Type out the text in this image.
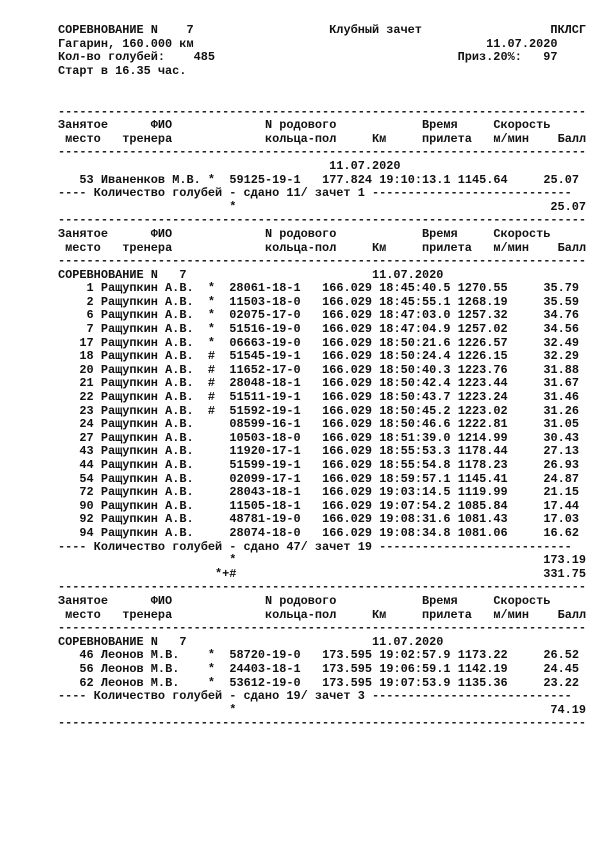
СОРЕВНОВАНИЕ N 7	Клубный зачет	ПКЛСГ
Гагарин, 160.000 км	11.07.2020
Кол-во голубей: 485	Приз.20%: 97
Старт в 16.35 час.
--------------------------------------------------------------------------
Занятое	ФИО	N родового	Время	Скорость
место тренера	кольца-пол	Км	прилета м/мин Балл
--------------------------------------------------------------------------
11.07.2020
53 Иваненков М.В. * 59125-19-1 177.824 19:10:13.1 1145.64	25.07
---- Количество голубей - сдано 11/ зачет 1 ----------------------------
*	25.07
--------------------------------------------------------------------------
Занятое	ФИО	N родового	Время	Скорость
место тренера	кольца-пол	Км	прилета м/мин Балл
--------------------------------------------------------------------------
СОРЕВНОВАНИЕ N 7	11.07.2020
1 Ращупкин А.В. * 28061-18-1 166.029 18:45:40.5 1270.55	35.79
2 Ращупкин А.В. * 11503-18-0 166.029 18:45:55.1 1268.19	35.59
6 Ращупкин А.В. * 02075-17-0 166.029 18:47:03.0 1257.32	34.76
7 Ращупкин А.В. * 51516-19-0 166.029 18:47:04.9 1257.02	34.56
17 Ращупкин А.В. * 06663-19-0 166.029 18:50:21.6 1226.57	32.49
18 Ращупкин А.В. # 51545-19-1 166.029 18:50:24.4 1226.15	32.29
20 Ращупкин А.В. # 11652-17-0 166.029 18:50:40.3 1223.76	31.88
21 Ращупкин А.В. # 28048-18-1 166.029 18:50:42.4 1223.44	31.67
22 Ращупкин А.В. # 51511-19-1 166.029 18:50:43.7 1223.24	31.46
23 Ращупкин А.В. # 51592-19-1 166.029 18:50:45.2 1223.02	31.26
24 Ращупкин А.В.	08599-16-1 166.029 18:50:46.6 1222.81	31.05
27 Ращупкин А.В.	10503-18-0 166.029 18:51:39.0 1214.99	30.43
43 Ращупкин А.В.	11920-17-1 166.029 18:55:53.3 1178.44	27.13
44 Ращупкин А.В.	51599-19-1 166.029 18:55:54.8 1178.23	26.93
54 Ращупкин А.В.	02099-17-1 166.029 18:59:57.1 1145.41	24.87
72 Ращупкин А.В.	28043-18-1 166.029 19:03:14.5 1119.99	21.15
90 Ращупкин А.В.	11505-18-1 166.029 19:07:54.2 1085.84	17.44
92 Ращупкин А.В.	48781-19-0 166.029 19:08:31.6 1081.43	17.03
94 Ращупкин А.В.	28074-18-0 166.029 19:08:34.8 1081.06	16.62
---- Количество голубей - сдано 47/ зачет 19 ---------------------------
*	173.19
*+#	331.75
--------------------------------------------------------------------------
Занятое	ФИО	N родового	Время	Скорость
место тренера	кольца-пол	Км	прилета м/мин Балл
--------------------------------------------------------------------------
СОРЕВНОВАНИЕ N 7	11.07.2020
46 Леонов М.В. * 58720-19-0 173.595 19:02:57.9 1173.22	26.52
56 Леонов М.В. * 24403-18-1 173.595 19:06:59.1 1142.19	24.45
62 Леонов М.В. * 53612-19-0 173.595 19:07:53.9 1135.36	23.22
---- Количество голубей - сдано 19/ зачет 3 ----------------------------
*	74.19
--------------------------------------------------------------------------
